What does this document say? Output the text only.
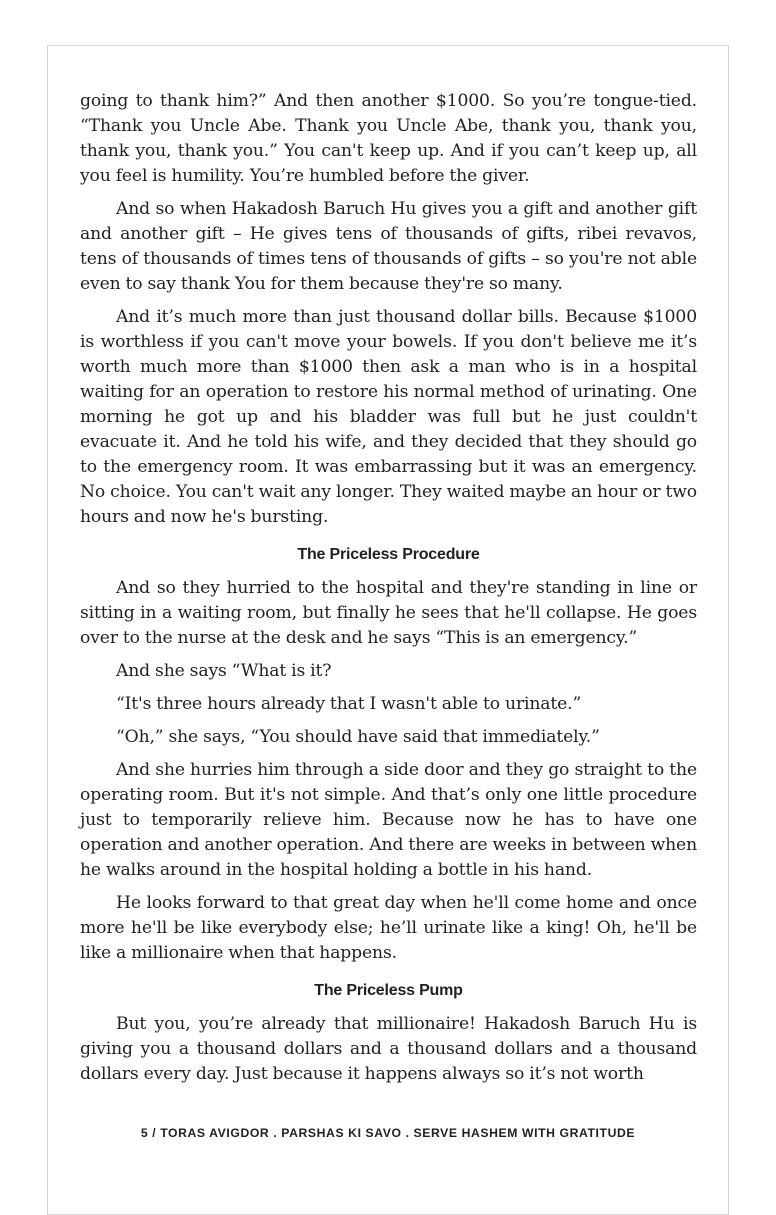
going to thank him?” And then another $1000. So you’re tongue-tied. “Thank you Uncle Abe. Thank you Uncle Abe, thank you, thank you, thank you, thank you.” You can't keep up. And if you can’t keep up, all you feel is humility. You’re humbled before the giver.

And so when Hakadosh Baruch Hu gives you a gift and another gift and another gift – He gives tens of thousands of gifts, ribei revavos, tens of thousands of times tens of thousands of gifts – so you're not able even to say thank You for them because they're so many.

And it’s much more than just thousand dollar bills. Because $1000 is worthless if you can't move your bowels. If you don't believe me it’s worth much more than $1000 then ask a man who is in a hospital waiting for an operation to restore his normal method of urinating. One morning he got up and his bladder was full but he just couldn't evacuate it. And he told his wife, and they decided that they should go to the emergency room. It was embarrassing but it was an emergency. No choice. You can't wait any longer. They waited maybe an hour or two hours and now he's bursting.

The Priceless Procedure

And so they hurried to the hospital and they're standing in line or sitting in a waiting room, but finally he sees that he'll collapse. He goes over to the nurse at the desk and he says “This is an emergency.”

And she says “What is it?

“It's three hours already that I wasn't able to urinate.”

“Oh,” she says, “You should have said that immediately.”

And she hurries him through a side door and they go straight to the operating room. But it's not simple. And that’s only one little procedure just to temporarily relieve him. Because now he has to have one operation and another operation. And there are weeks in between when he walks around in the hospital holding a bottle in his hand.

He looks forward to that great day when he'll come home and once more he'll be like everybody else; he’ll urinate like a king! Oh, he'll be like a millionaire when that happens.

The Priceless Pump

But you, you’re already that millionaire! Hakadosh Baruch Hu is giving you a thousand dollars and a thousand dollars and a thousand dollars every day. Just because it happens always so it’s not worth

5 / TORAS AVIGDOR . PARSHAS KI SAVO . SERVE HASHEM WITH GRATITUDE
